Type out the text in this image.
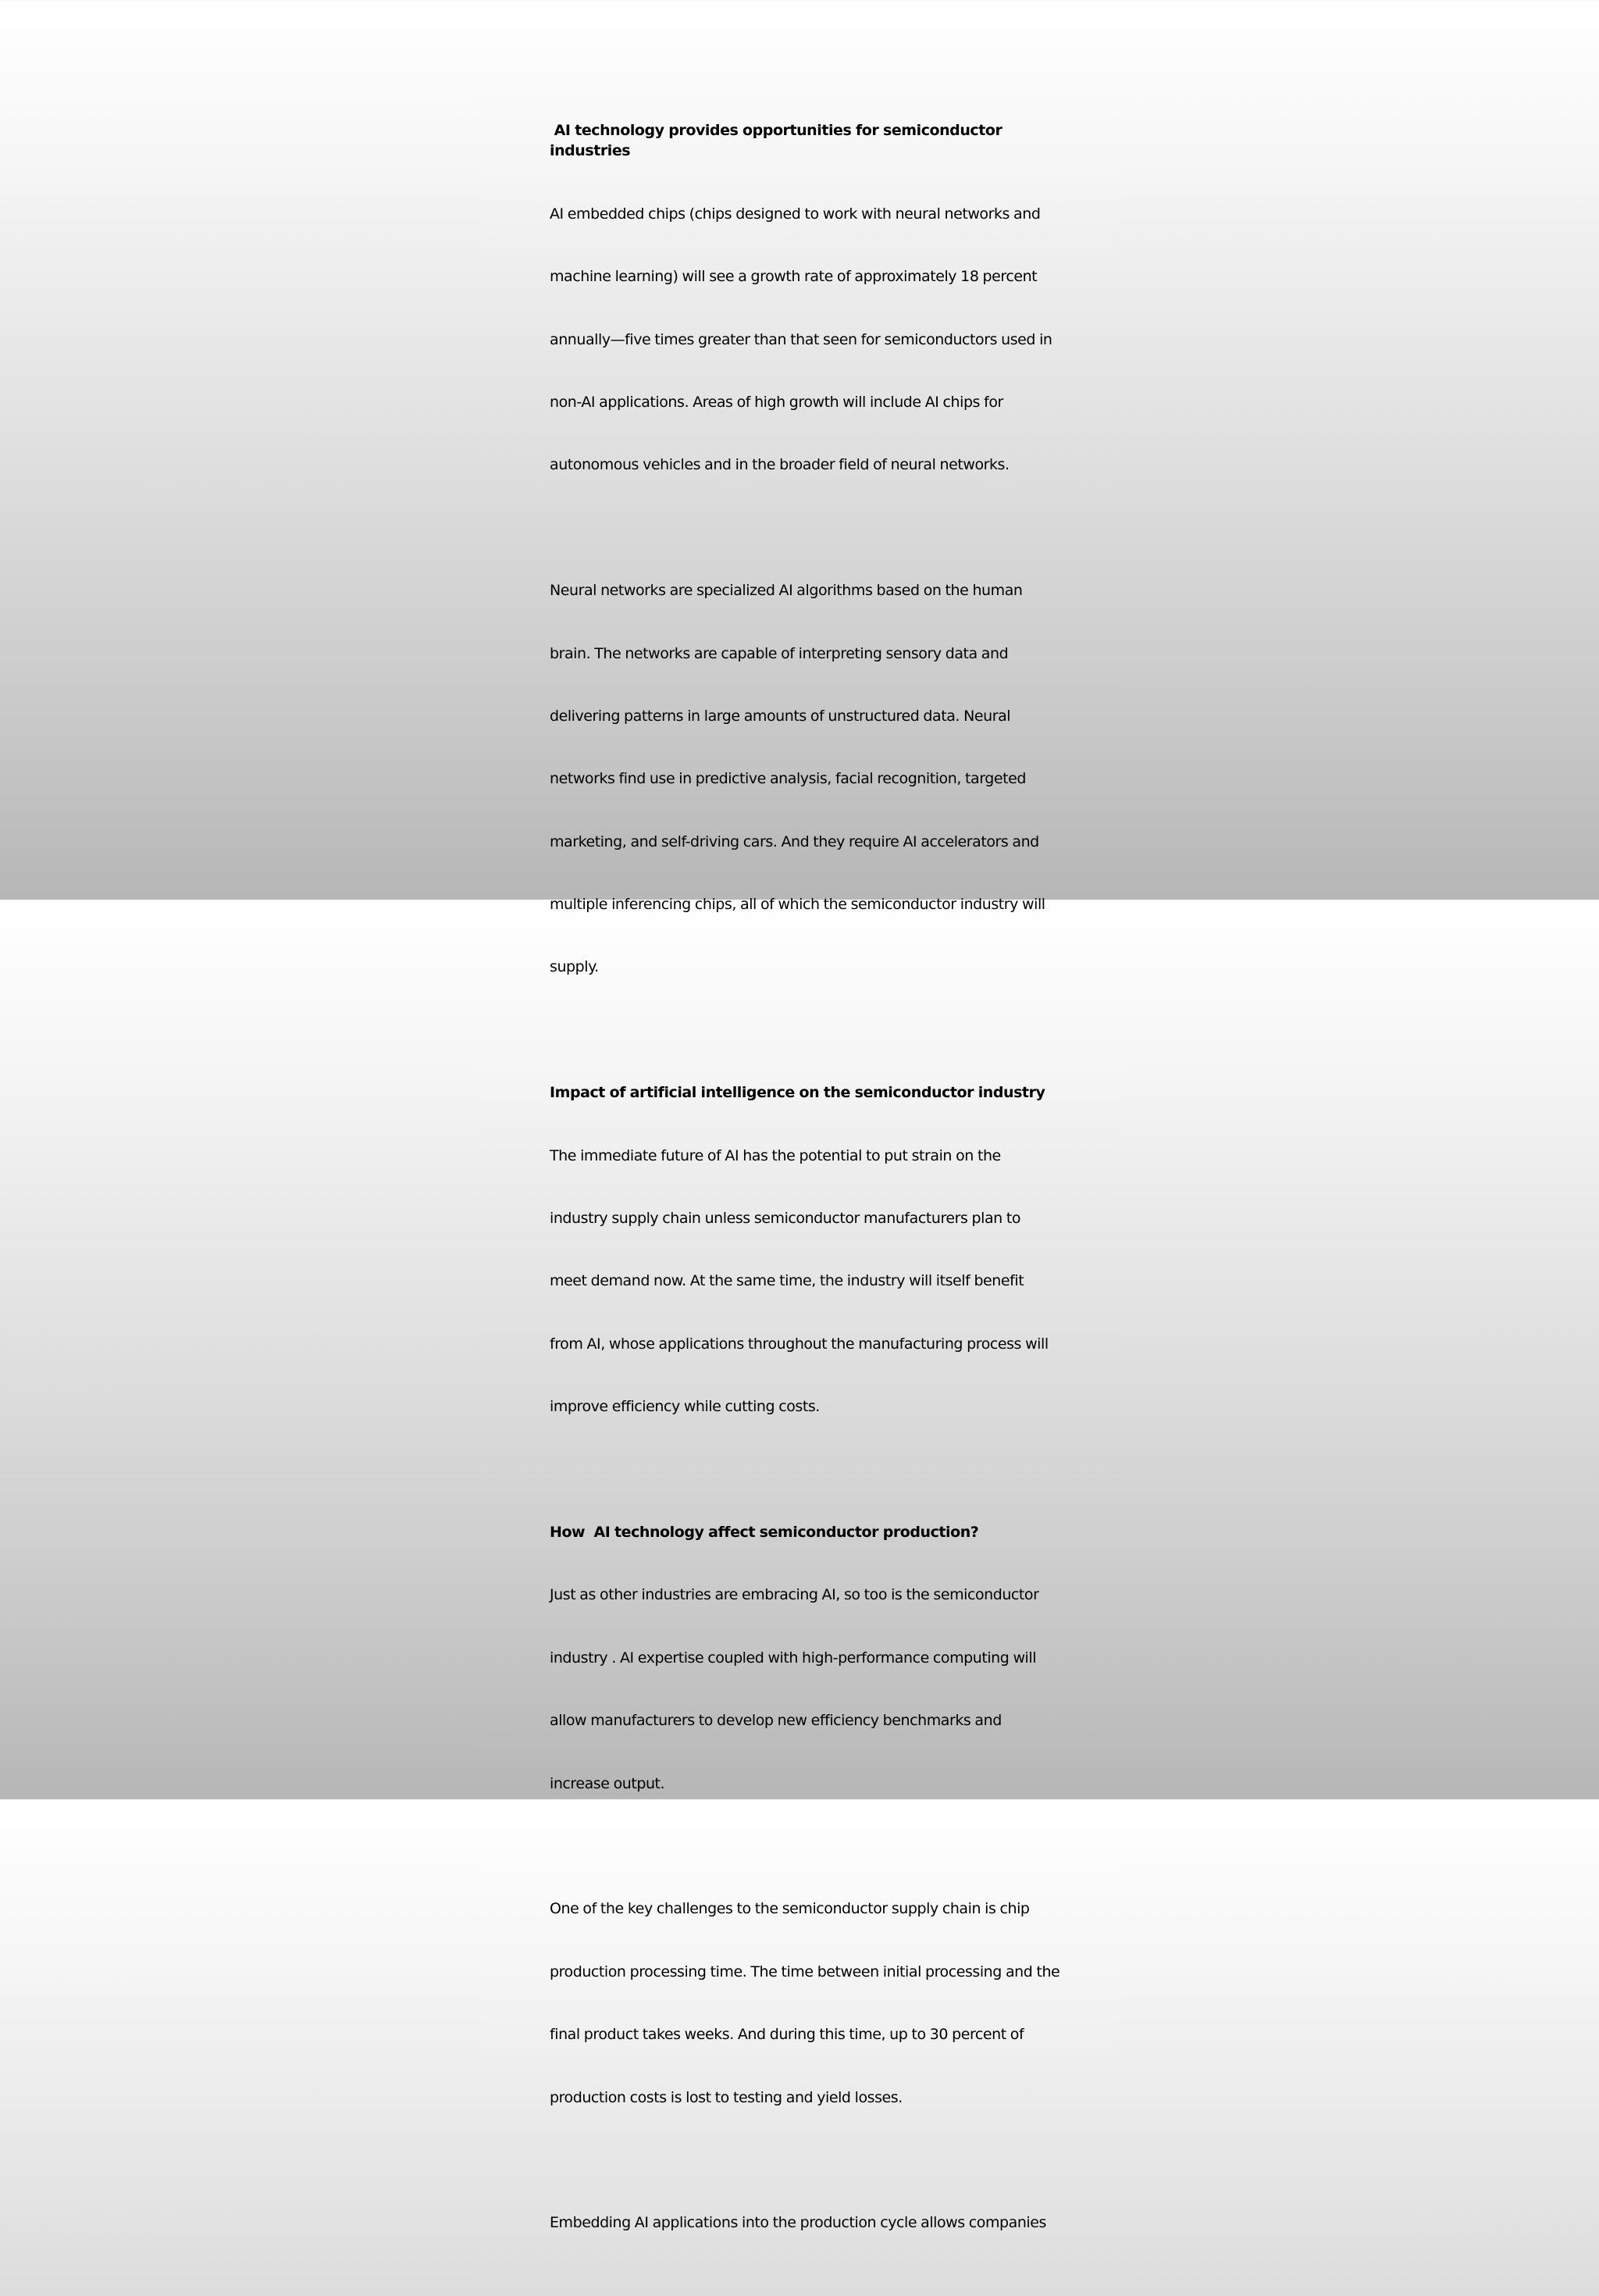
AI technology provides opportunities for semiconductor industries

AI embedded chips (chips designed to work with neural networks and

machine learning) will see a growth rate of approximately 18 percent

annually—five times greater than that seen for semiconductors used in

non-AI applications. Areas of high growth will include AI chips for

autonomous vehicles and in the broader field of neural networks.

Neural networks are specialized AI algorithms based on the human

brain. The networks are capable of interpreting sensory data and

delivering patterns in large amounts of unstructured data. Neural

networks find use in predictive analysis, facial recognition, targeted

marketing, and self-driving cars. And they require AI accelerators and

multiple inferencing chips, all of which the semiconductor industry will

supply.

Impact of artificial intelligence on the semiconductor industry

The immediate future of AI has the potential to put strain on the

industry supply chain unless semiconductor manufacturers plan to

meet demand now. At the same time, the industry will itself benefit

from AI, whose applications throughout the manufacturing process will

improve efficiency while cutting costs.

How  AI technology affect semiconductor production?

Just as other industries are embracing AI, so too is the semiconductor

industry . AI expertise coupled with high-performance computing will

allow manufacturers to develop new efficiency benchmarks and

increase output.

One of the key challenges to the semiconductor supply chain is chip

production processing time. The time between initial processing and the

final product takes weeks. And during this time, up to 30 percent of

production costs is lost to testing and yield losses.

Embedding AI applications into the production cycle allows companies
